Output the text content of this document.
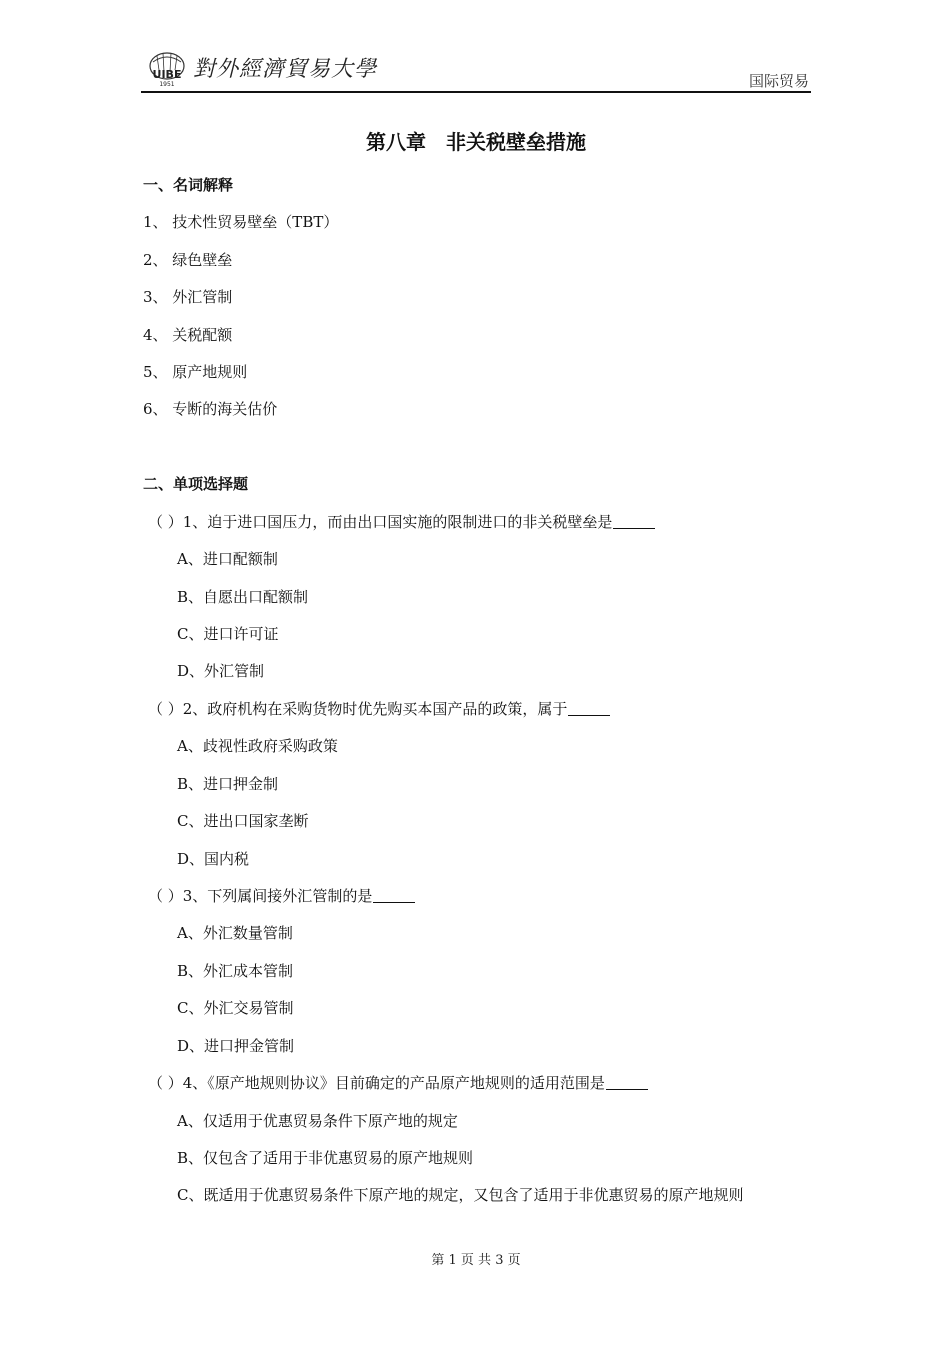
UIBE
1951
對外經濟貿易大學	国际贸易
第八章　非关税壁垒措施
一、名词解释
1、 技术性贸易壁垒（TBT）
2、 绿色壁垒
3、 外汇管制
4、 关税配额
5、 原产地规则
6、 专断的海关估价
二、单项选择题
（ ）1、迫于进口国压力，而由出口国实施的限制进口的非关税壁垒是
A、进口配额制
B、自愿出口配额制
C、进口许可证
D、外汇管制
（ ）2、政府机构在采购货物时优先购买本国产品的政策，属于
A、歧视性政府采购政策
B、进口押金制
C、进出口国家垄断
D、国内税
（ ）3、下列属间接外汇管制的是
A、外汇数量管制
B、外汇成本管制
C、外汇交易管制
D、进口押金管制
（ ）4、《原产地规则协议》目前确定的产品原产地规则的适用范围是
A、仅适用于优惠贸易条件下原产地的规定
B、仅包含了适用于非优惠贸易的原产地规则
C、既适用于优惠贸易条件下原产地的规定，又包含了适用于非优惠贸易的原产地规则
第 1 页 共 3 页
